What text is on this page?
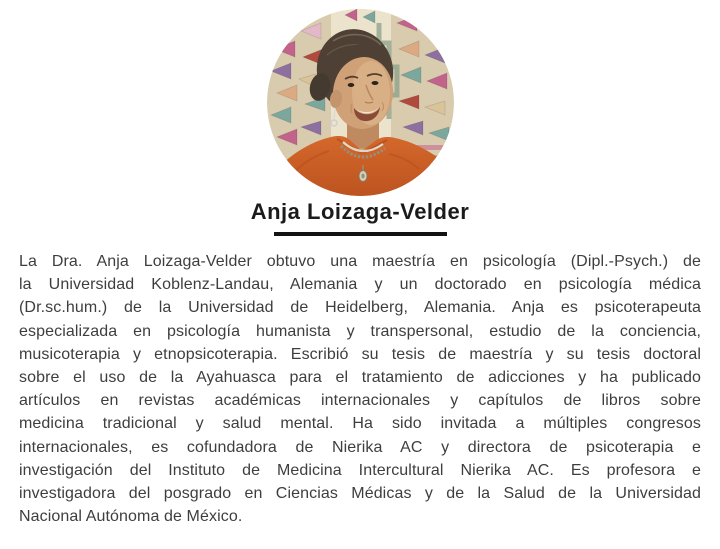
Anja Loizaga-Velder
La Dra. Anja Loizaga-Velder obtuvo una maestría en psicología (Dipl.-Psych.) de
la Universidad Koblenz-Landau, Alemania y un doctorado en psicología médica
(Dr.sc.hum.) de la Universidad de Heidelberg, Alemania. Anja es psicoterapeuta
especializada en psicología humanista y transpersonal, estudio de la conciencia,
musicoterapia y etnopsicoterapia. Escribió su tesis de maestría y su tesis doctoral
sobre el uso de la Ayahuasca para el tratamiento de adicciones y ha publicado
artículos en revistas académicas internacionales y capítulos de libros sobre
medicina tradicional y salud mental. Ha sido invitada a múltiples congresos
internacionales, es cofundadora de Nierika AC y directora de psicoterapia e
investigación del Instituto de Medicina Intercultural Nierika AC. Es profesora e
investigadora del posgrado en Ciencias Médicas y de la Salud de la Universidad
Nacional Autónoma de México.
